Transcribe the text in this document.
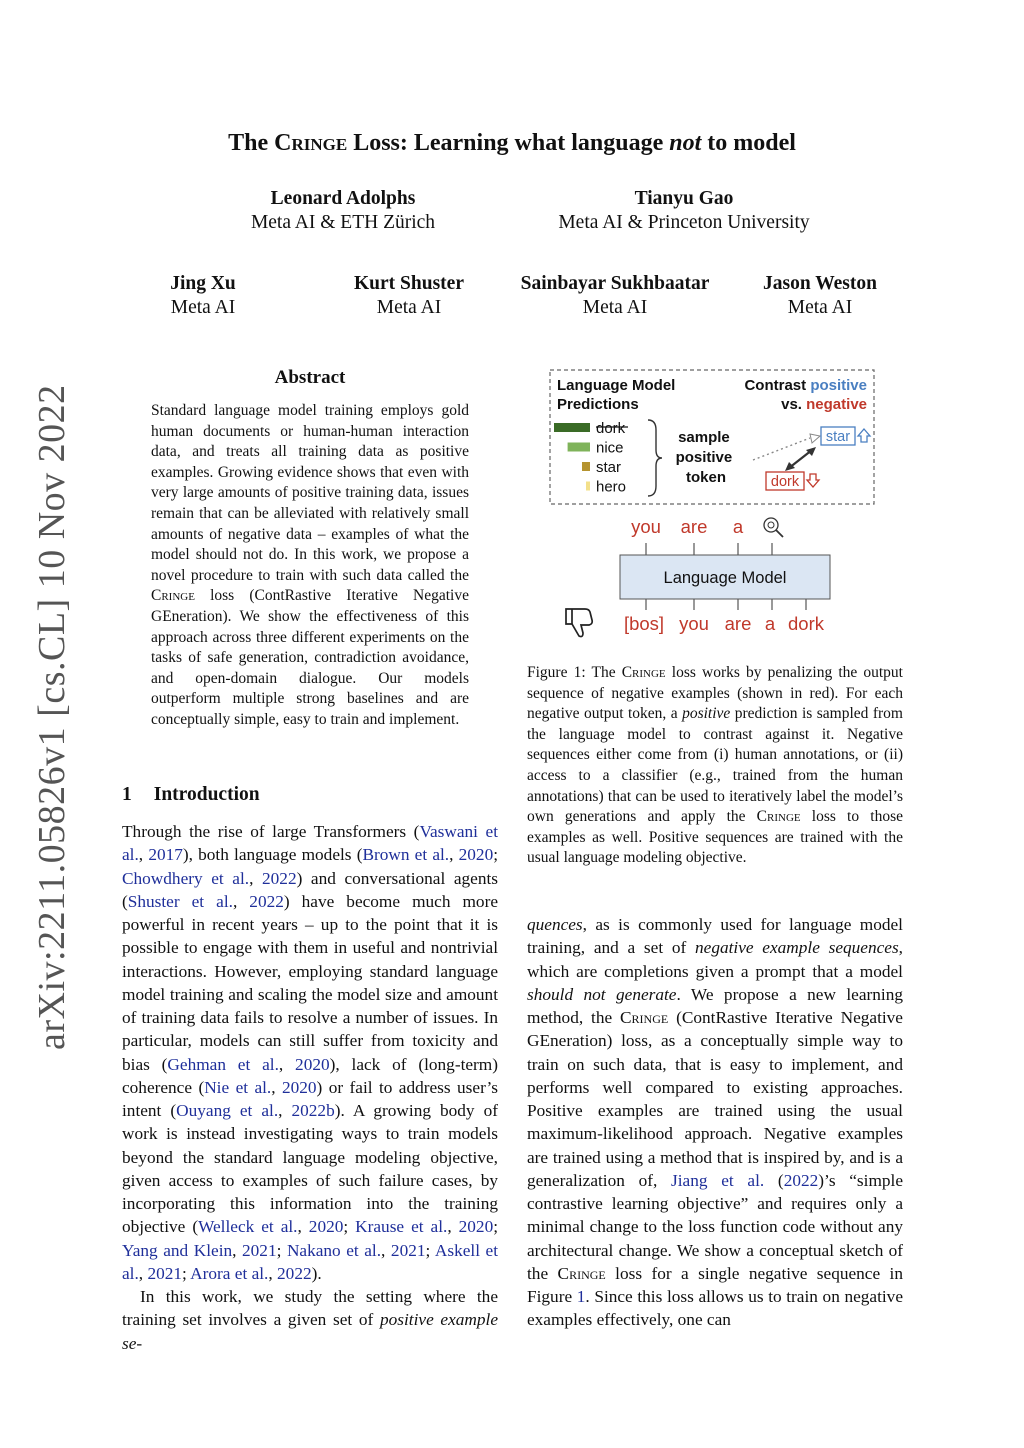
arXiv:2211.05826v1 [cs.CL] 10 Nov 2022
The Cringe Loss: Learning what language not to model
Leonard Adolphs
Meta AI & ETH Zürich
Tianyu Gao
Meta AI & Princeton University
Jing Xu
Meta AI
Kurt Shuster
Meta AI
Sainbayar Sukhbaatar
Meta AI
Jason Weston
Meta AI
Abstract
Standard language model training employs gold human documents or human-human interaction data, and treats all training data as positive examples. Growing evidence shows that even with very large amounts of positive training data, issues remain that can be alleviated with relatively small amounts of negative data – examples of what the model should not do. In this work, we propose a novel procedure to train with such data called the Cringe loss (ContRastive Iterative Negative GEneration). We show the effectiveness of this approach across three different experiments on the tasks of safe generation, contradiction avoidance, and open-domain dialogue. Our models outperform multiple strong baselines and are conceptually simple, easy to train and implement.
1 Introduction

Through the rise of large Transformers (Vaswani et al., 2017), both language models (Brown et al., 2020; Chowdhery et al., 2022) and conversational agents (Shuster et al., 2022) have become much more powerful in recent years – up to the point that it is possible to engage with them in useful and nontrivial interactions. However, employing standard language model training and scaling the model size and amount of training data fails to resolve a number of issues. In particular, models can still suffer from toxicity and bias (Gehman et al., 2020), lack of (long-term) coherence (Nie et al., 2020) or fail to address user’s intent (Ouyang et al., 2022b). A growing body of work is instead investigating ways to train models beyond the standard language modeling objective, given access to examples of such failure cases, by incorporating this information into the training objective (Welleck et al., 2020; Krause et al., 2020; Yang and Klein, 2021; Nakano et al., 2021; Askell et al., 2021; Arora et al., 2022).

In this work, we study the setting where the training set involves a given set of positive example se-

Figure 1: The Cringe loss works by penalizing the output sequence of negative examples (shown in red). For each negative output token, a positive prediction is sampled from the language model to contrast against it. Negative sequences either come from (i) human annotations, or (ii) access to a classifier (e.g., trained from the human annotations) that can be used to iteratively label the model’s own generations and apply the Cringe loss to those examples as well. Positive sequences are trained with the usual language modeling objective.
quences, as is commonly used for language model training, and a set of negative example sequences, which are completions given a prompt that a model should not generate. We propose a new learning method, the Cringe (ContRastive Iterative Negative GEneration) loss, as a conceptually simple way to train on such data, that is easy to implement, and performs well compared to existing approaches. Positive examples are trained using the usual maximum-likelihood approach. Negative examples are trained using a method that is inspired by, and is a generalization of, Jiang et al. (2022)’s “simple contrastive learning objective” and requires only a minimal change to the loss function code without any architectural change. We show a conceptual sketch of the Cringe loss for a single negative sequence in Figure 1. Since this loss allows us to train on negative examples effectively, one can
Language Model
Predictions
Contrast positive
vs. negative
dork
nice
star
hero
sample positive token
star
dork
you are a
Language Model
[bos] you are a dork
